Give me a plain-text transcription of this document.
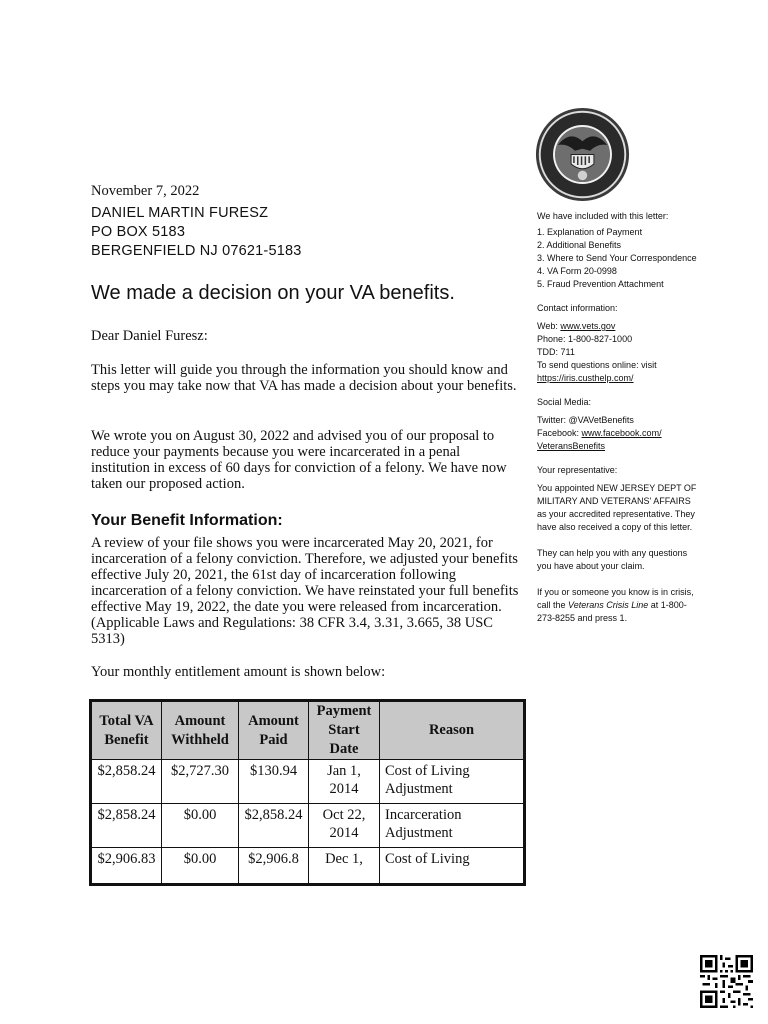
November 7, 2022
DANIEL MARTIN FURESZ
PO BOX 5183
BERGENFIELD NJ 07621-5183
We made a decision on your VA benefits.

Dear Daniel Furesz:

This letter will guide you through the information you should know and steps you may take now that VA has made a decision about your benefits.

We wrote you on August 30, 2022 and advised you of our proposal to reduce your payments because you were incarcerated in a penal institution in excess of 60 days for conviction of a felony. We have now taken our proposed action.

Your Benefit Information:

A review of your file shows you were incarcerated May 20, 2021, for incarceration of a felony conviction. Therefore, we adjusted your benefits effective July 20, 2021, the 61st day of incarceration following incarceration of a felony conviction. We have reinstated your full benefits effective May 19, 2022, the date you were released from incarceration. (Applicable Laws and Regulations: 38 CFR 3.4, 3.31, 3.665, 38 USC 5313)

Your monthly entitlement amount is shown below:

Total VA Benefit	Amount Withheld	Amount Paid	Payment Start Date	Reason
$2,858.24	$2,727.30	$130.94	Jan 1, 2014	Cost of Living Adjustment
$2,858.24	$0.00	$2,858.24	Oct 22, 2014	Incarceration Adjustment
$2,906.83	$0.00	$2,906.8	Dec 1,	Cost of Living

We have included with this letter:

1. Explanation of Payment

2. Additional Benefits

3. Where to Send Your Correspondence

4. VA Form 20-0998

5. Fraud Prevention Attachment

Contact information:

Web: www.vets.gov

Phone: 1-800-827-1000

TDD: 711

To send questions online: visit

https://iris.custhelp.com/

Social Media:

Twitter: @VAVetBenefits

Facebook: www.facebook.com/

VeteransBenefits

Your representative:

You appointed NEW JERSEY DEPT OF MILITARY AND VETERANS' AFFAIRS as your accredited representative. They have also received a copy of this letter.

They can help you with any questions you have about your claim.

If you or someone you know is in crisis, call the Veterans Crisis Line at 1-800-273-8255 and press 1.
